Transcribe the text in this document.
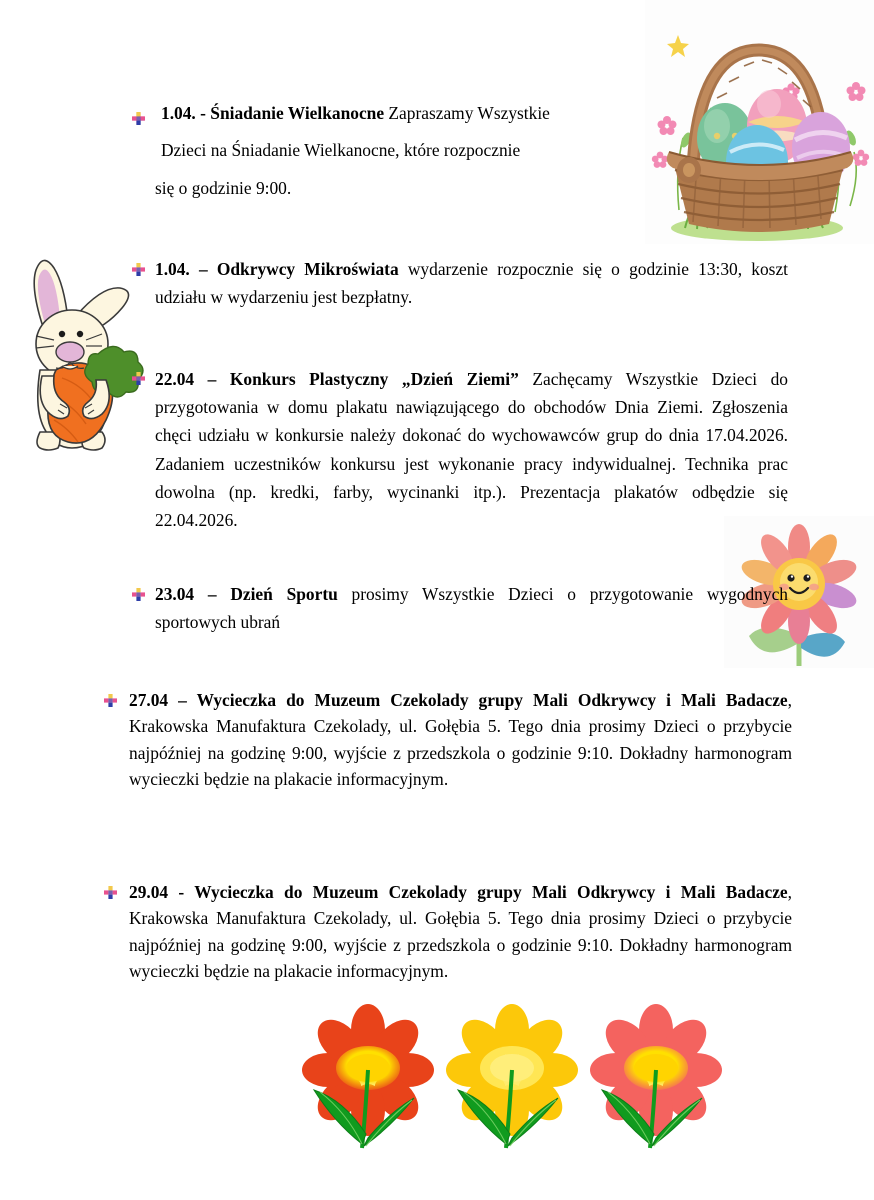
1.04. - Śniadanie Wielkanocne Zapraszamy Wszystkie

Dzieci na Śniadanie Wielkanocne, które rozpocznie

się o godzinie 9:00.

1.04. – Odkrywcy Mikroświata wydarzenie rozpocznie się o godzinie 13:30, koszt udziału w wydarzeniu jest bezpłatny.

22.04 – Konkurs Plastyczny „Dzień Ziemi” Zachęcamy Wszystkie Dzieci do przygotowania w domu plakatu nawiązującego do obchodów Dnia Ziemi. Zgłoszenia chęci udziału w konkursie należy dokonać do wychowawców grup do dnia 17.04.2026. Zadaniem uczestników konkursu jest wykonanie pracy indywidualnej. Technika prac dowolna (np. kredki, farby, wycinanki itp.). Prezentacja plakatów odbędzie się 22.04.2026.

23.04 – Dzień Sportu prosimy Wszystkie Dzieci o przygotowanie wygodnych sportowych ubrań

27.04 – Wycieczka do Muzeum Czekolady grupy Mali Odkrywcy i Mali Badacze, Krakowska Manufaktura Czekolady, ul. Gołębia 5. Tego dnia prosimy Dzieci o przybycie najpóźniej na godzinę 9:00, wyjście z przedszkola o godzinie 9:10. Dokładny harmonogram wycieczki będzie na plakacie informacyjnym.

29.04 - Wycieczka do Muzeum Czekolady grupy Mali Odkrywcy i Mali Badacze, Krakowska Manufaktura Czekolady, ul. Gołębia 5. Tego dnia prosimy Dzieci o przybycie najpóźniej na godzinę 9:00, wyjście z przedszkola o godzinie 9:10. Dokładny harmonogram wycieczki będzie na plakacie informacyjnym.
